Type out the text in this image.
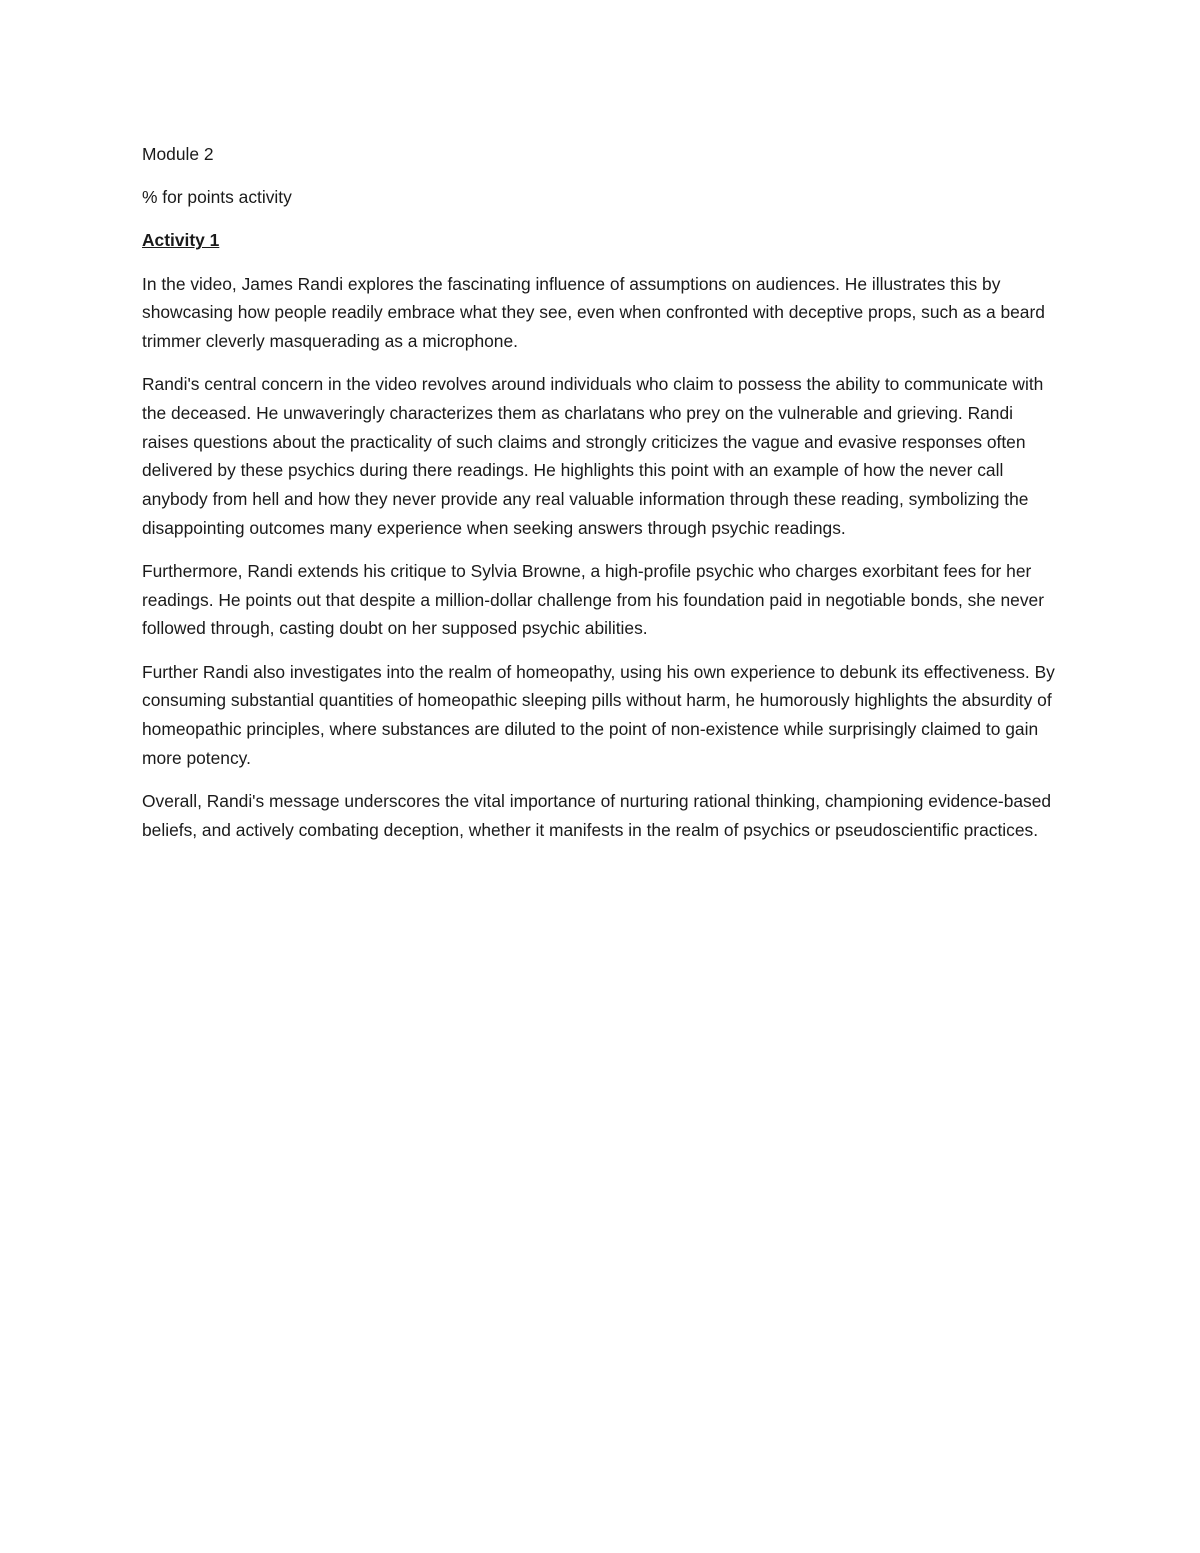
Module 2

% for points activity

Activity 1

In the video, James Randi explores the fascinating influence of assumptions on audiences. He illustrates this by showcasing how people readily embrace what they see, even when confronted with deceptive props, such as a beard trimmer cleverly masquerading as a microphone.

Randi's central concern in the video revolves around individuals who claim to possess the ability to communicate with the deceased. He unwaveringly characterizes them as charlatans who prey on the vulnerable and grieving. Randi raises questions about the practicality of such claims and strongly criticizes the vague and evasive responses often delivered by these psychics during there readings. He highlights this point with an example of how the never call anybody from hell and how they never provide any real valuable information through these reading, symbolizing the disappointing outcomes many experience when seeking answers through psychic readings.

Furthermore, Randi extends his critique to Sylvia Browne, a high-profile psychic who charges exorbitant fees for her readings. He points out that despite a million-dollar challenge from his foundation paid in negotiable bonds, she never followed through, casting doubt on her supposed psychic abilities.

Further Randi also investigates into the realm of homeopathy, using his own experience to debunk its effectiveness. By consuming substantial quantities of homeopathic sleeping pills without harm, he humorously highlights the absurdity of homeopathic principles, where substances are diluted to the point of non-existence while surprisingly claimed to gain more potency.

Overall, Randi's message underscores the vital importance of nurturing rational thinking, championing evidence-based beliefs, and actively combating deception, whether it manifests in the realm of psychics or pseudoscientific practices.
